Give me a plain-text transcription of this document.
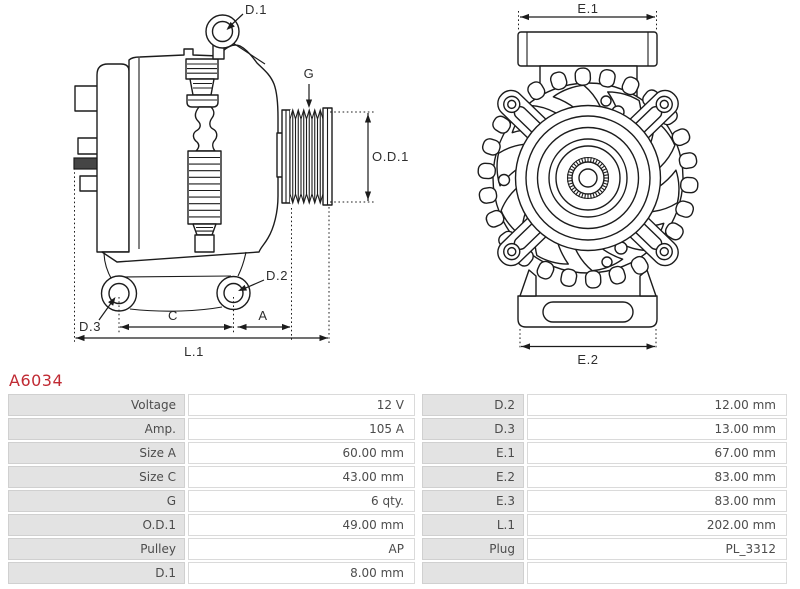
D.1
G
O.D.1
D.2
D.3
C	A
L.1
E.1
E.2
A6034
Voltage	12 V
Amp.	105 A
Size A	60.00 mm
Size C	43.00 mm
G	6 qty.
O.D.1	49.00 mm
Pulley	AP
D.1	8.00 mm
D.2	12.00 mm
D.3	13.00 mm
E.1	67.00 mm
E.2	83.00 mm
E.3	83.00 mm
L.1	202.00 mm
Plug	PL_3312
